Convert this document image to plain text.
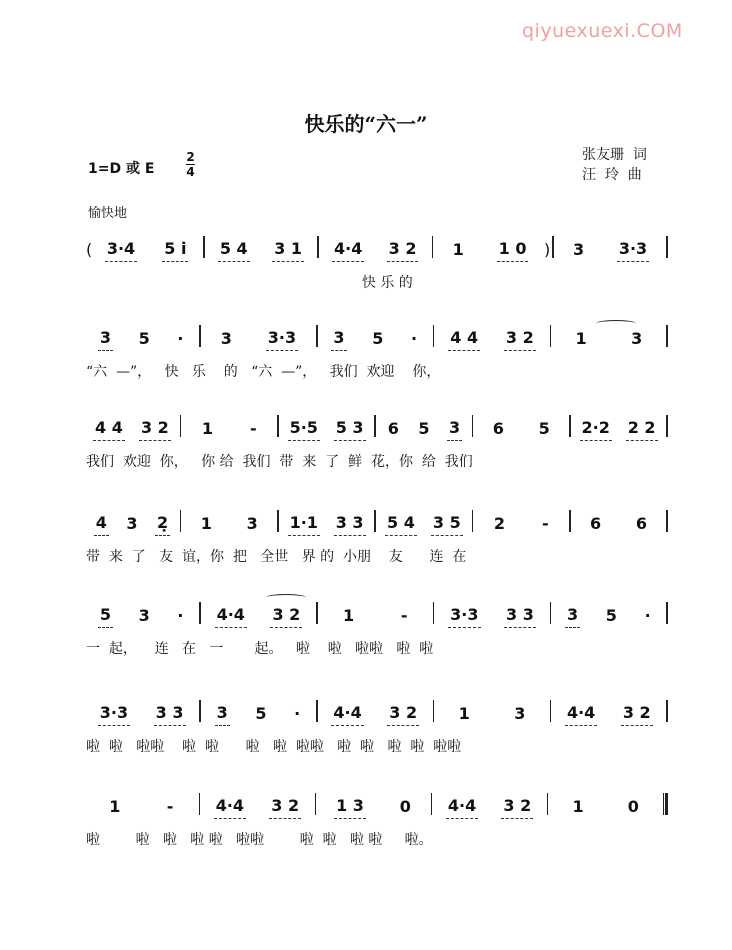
qiyuexuexi.COM
快乐的“六一”
1=D 或 E
2
4
张友珊  词
汪  玲  曲
愉快地
( 3·4 5 i̇ 5 4 3 1 4·4 3 2 1 1 0 ) 3 3·3
快 乐 的
3 5 · 3 3·3 3 5 · 4 4 3 2	1	3
“六  —”，   快   乐    的   “六  —”，   我们  欢迎    你，
4 4 3 2 1 - 5·5 5 3 6 5 3 6 5 2·2 2 2
我们  欢迎  你，   你 给  我们  带  来  了  鲜  花，你  给  我们
4 3 2̣ 1 3 1·1 3 3 5 4 3 5 2 -	6 6
带  来  了   友  谊，你  把   全世   界 的  小朋    友      连  在
5 3 · 4·4 3 2	1	-	3·3 3 3 3 5 ·
一  起，    连   在   一       起。   啦    啦   啦啦   啦  啦
3·3 3 3 3 5 · 4·4 3 2	1	3	4·4 3 2
啦  啦   啦啦    啦  啦      啦   啦  啦啦   啦  啦   啦  啦  啦啦
1	-	4·4 3 2 1 3 0 4·4 3 2	1	0
啦        啦   啦   啦 啦   啦啦        啦  啦   啦 啦     啦。
